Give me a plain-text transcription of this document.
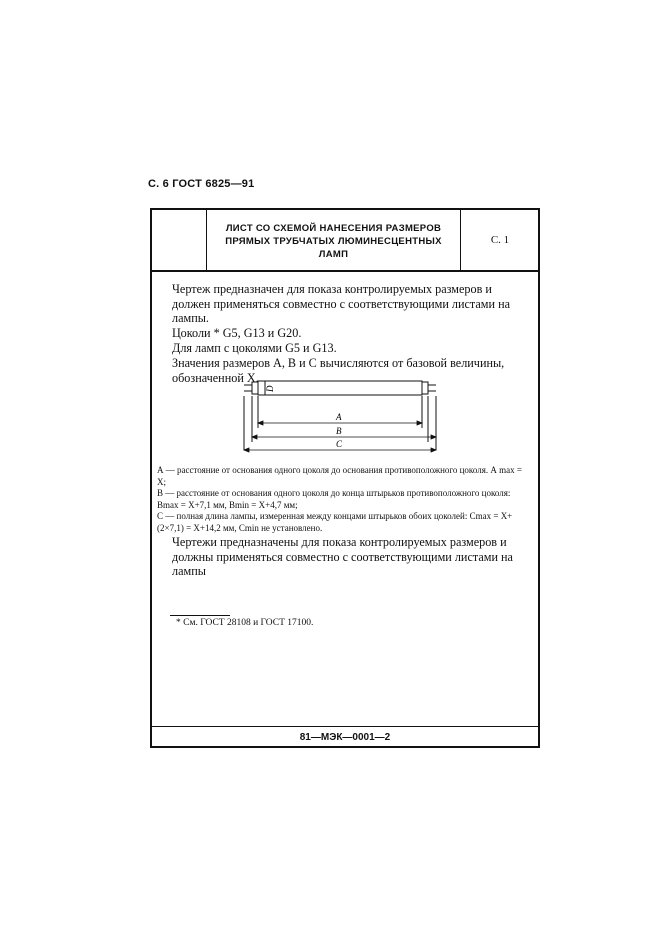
С. 6 ГОСТ 6825—91
ЛИСТ СО СХЕМОЙ НАНЕСЕНИЯ РАЗМЕРОВ
ПРЯМЫХ ТРУБЧАТЫХ ЛЮМИНЕСЦЕНТНЫХ
ЛАМП
С. 1
Чертеж предназначен для показа контролируемых размеров и должен применяться совместно с соответствующими листами на лампы.
Цоколи * G5, G13 и G20.
Для ламп с цоколями G5 и G13.
Значения размеров А, В и С вычисляются от базовой величины, обозначенной X.
D
A
B
C
А — расстояние от основания одного цоколя до основания противоположного цоколя. А max = X;
В — расстояние от основания одного цоколя до конца штырьков противоположного цоколя: Bmax = X+7,1 мм, Bmin = X+4,7 мм;
С — полная длина лампы, измеренная между концами штырьков обоих цоколей: Cmax = X+(2×7,1) = X+14,2 мм, Cmin не установлено.
Чертежи предназначены для показа контролируемых размеров и должны применяться совместно с соответствующими листами на лампы
81—МЭК—0001—2
* См. ГОСТ 28108 и ГОСТ 17100.
